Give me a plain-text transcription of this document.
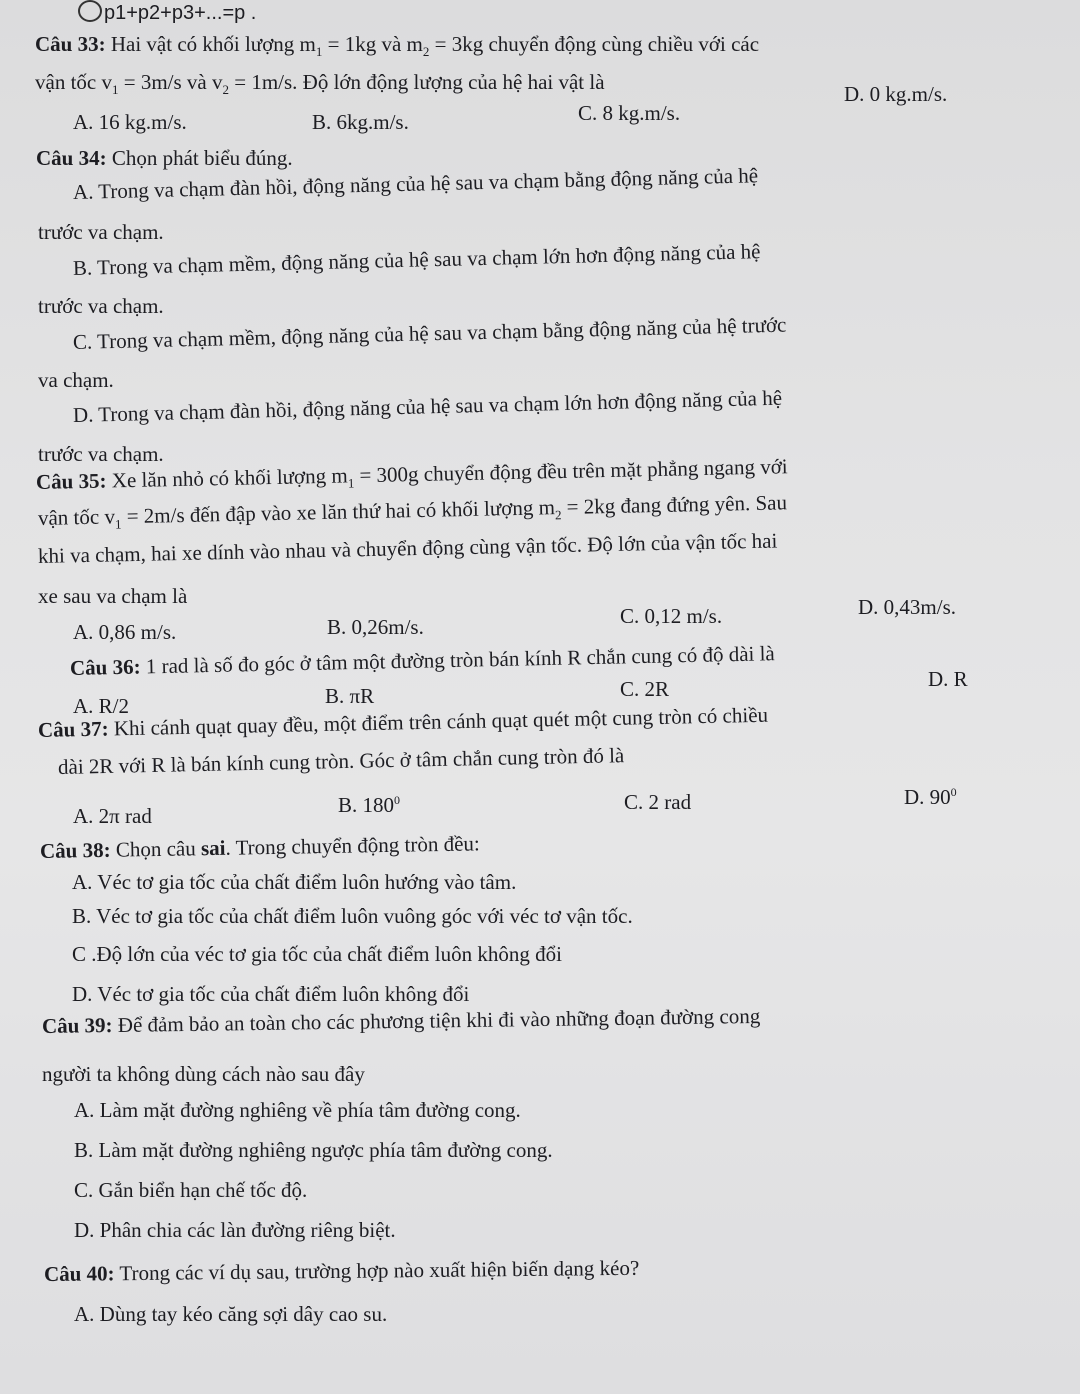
p1+p2+p3+...=p .
Câu 33: Hai vật có khối lượng $m_1 = 1kg$ và $m_2 = 3kg$ chuyển động cùng chiều với các
vận tốc $v_1 = 3m/s$ và $v_2 = 1m/s$. Độ lớn động lượng của hệ hai vật là
A. 16 kg.m/s.	B. 6kg.m/s.	C. 8 kg.m/s.
D. 0 kg.m/s.
Câu 34: Chọn phát biểu đúng.
A. Trong va chạm đàn hồi, động năng của hệ sau va chạm bằng động năng của hệ
trước va chạm.
B. Trong va chạm mềm, động năng của hệ sau va chạm lớn hơn động năng của hệ
trước va chạm.
C. Trong va chạm mềm, động năng của hệ sau va chạm bằng động năng của hệ trước
va chạm.
D. Trong va chạm đàn hồi, động năng của hệ sau va chạm lớn hơn động năng của hệ
trước va chạm.
Câu 35: Xe lăn nhỏ có khối lượng $m_1 = 300g$ chuyển động đều trên mặt phẳng ngang với
vận tốc $v_1 = 2m/s$ đến đập vào xe lăn thứ hai có khối lượng $m_2 = 2kg$ đang đứng yên. Sau
khi va chạm, hai xe dính vào nhau và chuyển động cùng vận tốc. Độ lớn của vận tốc hai
xe sau va chạm là
A. 0,86 m/s.	B. 0,26m/s.	C. 0,12 m/s.	D. 0,43m/s.
Câu 36: 1 rad là số đo góc ở tâm một đường tròn bán kính R chắn cung có độ dài là
A. R/2	B. πR	C. 2R	D. R
Câu 37: Khi cánh quạt quay đều, một điểm trên cánh quạt quét một cung tròn có chiều
dài 2R với R là bán kính cung tròn. Góc ở tâm chắn cung tròn đó là
A. 2π rad	B. $180^0$	C. 2 rad	D. $90^0$
Câu 38: Chọn câu sai. Trong chuyển động tròn đều:
A. Véc tơ gia tốc của chất điểm luôn hướng vào tâm.
B. Véc tơ gia tốc của chất điểm luôn vuông góc với véc tơ vận tốc.
C .Độ lớn của véc tơ gia tốc của chất điểm luôn không đổi
D. Véc tơ gia tốc của chất điểm luôn không đổi
Câu 39: Để đảm bảo an toàn cho các phương tiện khi đi vào những đoạn đường cong
người ta không dùng cách nào sau đây
A. Làm mặt đường nghiêng về phía tâm đường cong.
B. Làm mặt đường nghiêng ngược phía tâm đường cong.
C. Gắn biển hạn chế tốc độ.
D. Phân chia các làn đường riêng biệt.
Câu 40: Trong các ví dụ sau, trường hợp nào xuất hiện biến dạng kéo?
A. Dùng tay kéo căng sợi dây cao su.
